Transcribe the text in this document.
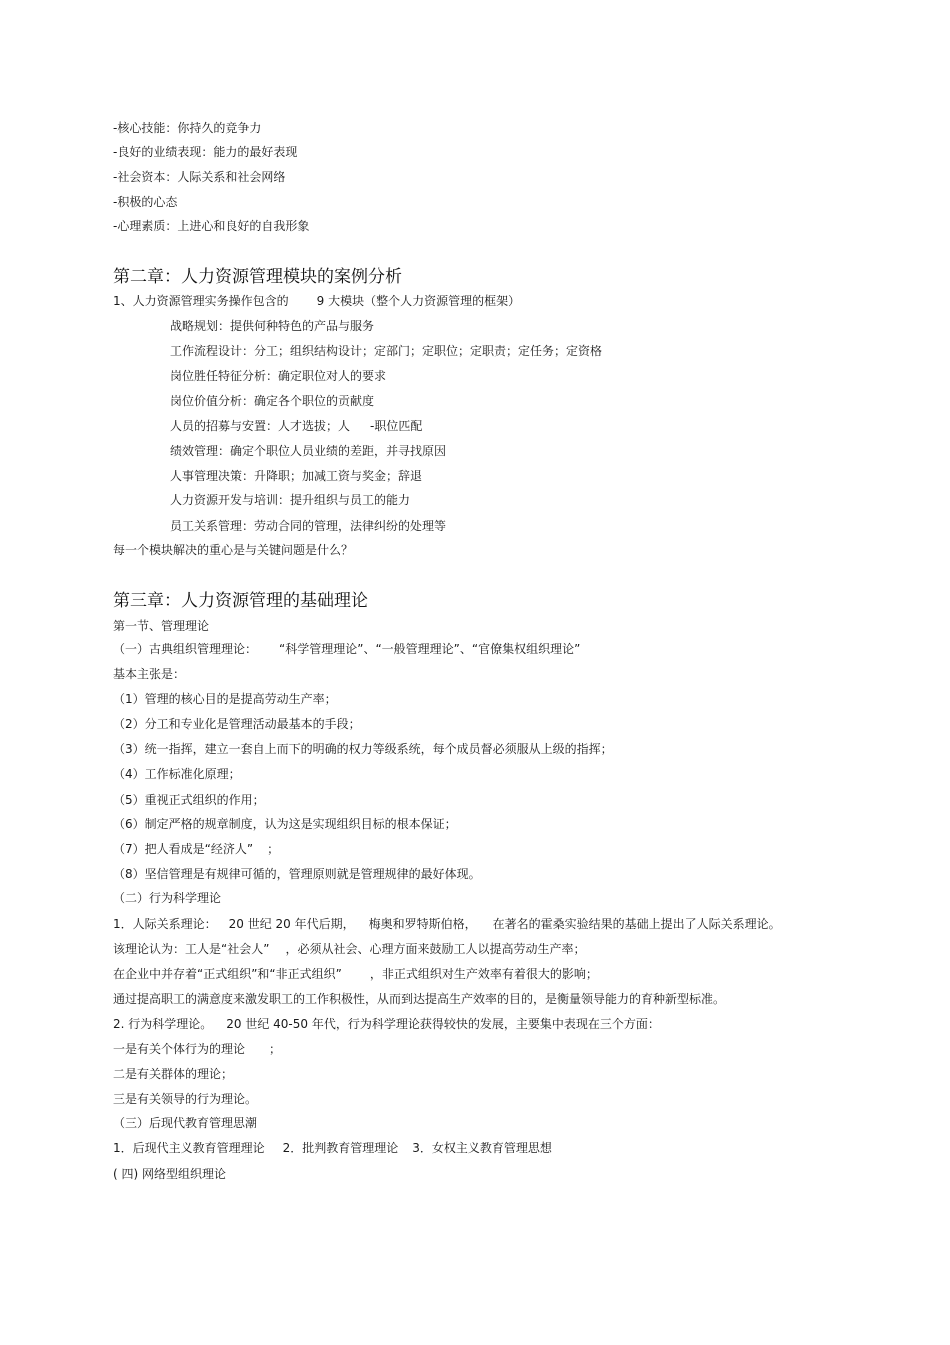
-核心技能：你持久的竞争力
-良好的业绩表现：能力的最好表现
-社会资本：人际关系和社会网络
-积极的心态
-心理素质：上进心和良好的自我形象
第二章：人力资源管理模块的案例分析
1、人力资源管理实务操作包含的 9 大模块（整个人力资源管理的框架）
战略规划：提供何种特色的产品与服务
工作流程设计：分工；组织结构设计；定部门；定职位；定职责；定任务；定资格
岗位胜任特征分析：确定职位对人的要求
岗位价值分析：确定各个职位的贡献度
人员的招募与安置：人才选拔；人 -职位匹配
绩效管理：确定个职位人员业绩的差距，并寻找原因
人事管理决策：升降职；加减工资与奖金；辞退
人力资源开发与培训：提升组织与员工的能力
员工关系管理：劳动合同的管理，法律纠纷的处理等
每一个模块解决的重心是与关键问题是什么？
第三章：人力资源管理的基础理论
第一节、管理理论
（一）古典组织管理理论： “科学管理理论”、“一般管理理论”、“官僚集权组织理论”
基本主张是：
（1）管理的核心目的是提高劳动生产率；
（2）分工和专业化是管理活动最基本的手段；
（3）统一指挥，建立一套自上而下的明确的权力等级系统，每个成员督必须服从上级的指挥；
（4）工作标准化原理；
（5）重视正式组织的作用；
（6）制定严格的规章制度，认为这是实现组织目标的根本保证；
（7）把人看成是“经济人” ；
（8）坚信管理是有规律可循的，管理原则就是管理规律的最好体现。
（二）行为科学理论
1．人际关系理论： 20 世纪 20 年代后期， 梅奥和罗特斯伯格， 在著名的霍桑实验结果的基础上提出了人际关系理论。
该理论认为：工人是“社会人” ，必须从社会、心理方面来鼓励工人以提高劳动生产率；
在企业中并存着“正式组织”和“非正式组织” ，非正式组织对生产效率有着很大的影响；
通过提高职工的满意度来激发职工的工作积极性，从而到达提高生产效率的目的，是衡量领导能力的育种新型标准。
2. 行为科学理论。 20 世纪 40-50 年代，行为科学理论获得较快的发展，主要集中表现在三个方面：
一是有关个体行为的理论 ；
二是有关群体的理论；
三是有关领导的行为理论。
（三）后现代教育管理思潮
1．后现代主义教育管理理论 2．批判教育管理理论 3．女权主义教育管理思想
( 四) 网络型组织理论
